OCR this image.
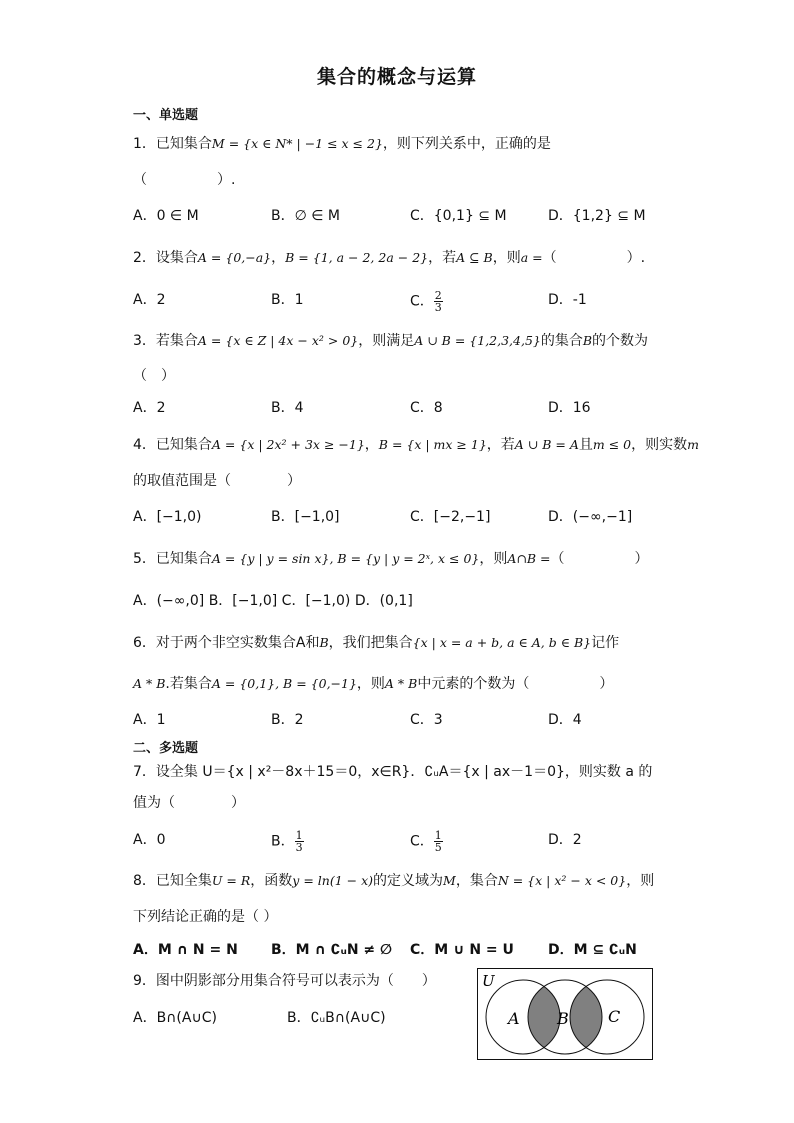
集合的概念与运算
一、单选题
1．已知集合M = {x ∈ N* | −1 ≤ x ≤ 2}，则下列关系中，正确的是
（　　　　　）.
A．0 ∈ M	B．∅ ∈ M	C．{0,1} ⊆ M	D．{1,2} ⊆ M
2．设集合A = {0,−a}，B = {1, a − 2, 2a − 2}，若A ⊆ B，则a =（　　　　　）.
A．2	B．1	C． $\frac{2}{3}$	D．-1
3．若集合A = {x ∈ Z | 4x − x² > 0}，则满足A ∪ B = {1,2,3,4,5}的集合B的个数为
（　）
A．2	B．4	C．8	D．16
4．已知集合A = {x | 2x² + 3x ≥ −1}，B = {x | mx ≥ 1}，若A ∪ B = A且m ≤ 0，则实数m
的取值范围是（　　　　）
A．[−1,0)	B．[−1,0]	C．[−2,−1]	D．(−∞,−1]
5．已知集合A = {y | y = sin x}, B = {y | y = 2ˣ, x ≤ 0}，则A∩B =（　　　　　）
A．(−∞,0] B．[−1,0] C．[−1,0) D．(0,1]
6．对于两个非空实数集合A和B，我们把集合{x | x = a + b, a ∈ A, b ∈ B}记作
A * B.若集合A = {0,1}, B = {0,−1}，则A * B中元素的个数为（　　　　　）
A．1	B．2	C．3	D．4
二、多选题
7．设全集 U＝{x | x²－8x＋15＝0，x∈R}．∁ᵤA＝{x | ax－1＝0}，则实数 a 的
值为（　　　　）
A．0	B． $\frac{1}{3}$	C． $\frac{1}{5}$	D．2
8．已知全集U = R，函数y = ln(1 − x)的定义域为M，集合N = {x | x² − x < 0}，则
下列结论正确的是（ ）
A．M ∩ N = N B．M ∩ ∁ᵤN ≠ ∅ C．M ∪ N = U D．M ⊆ ∁ᵤN
9．图中阴影部分用集合符号可以表示为（　　）
A．B∩(A∪C)	B．∁ᵤB∩(A∪C)
U
A B C
